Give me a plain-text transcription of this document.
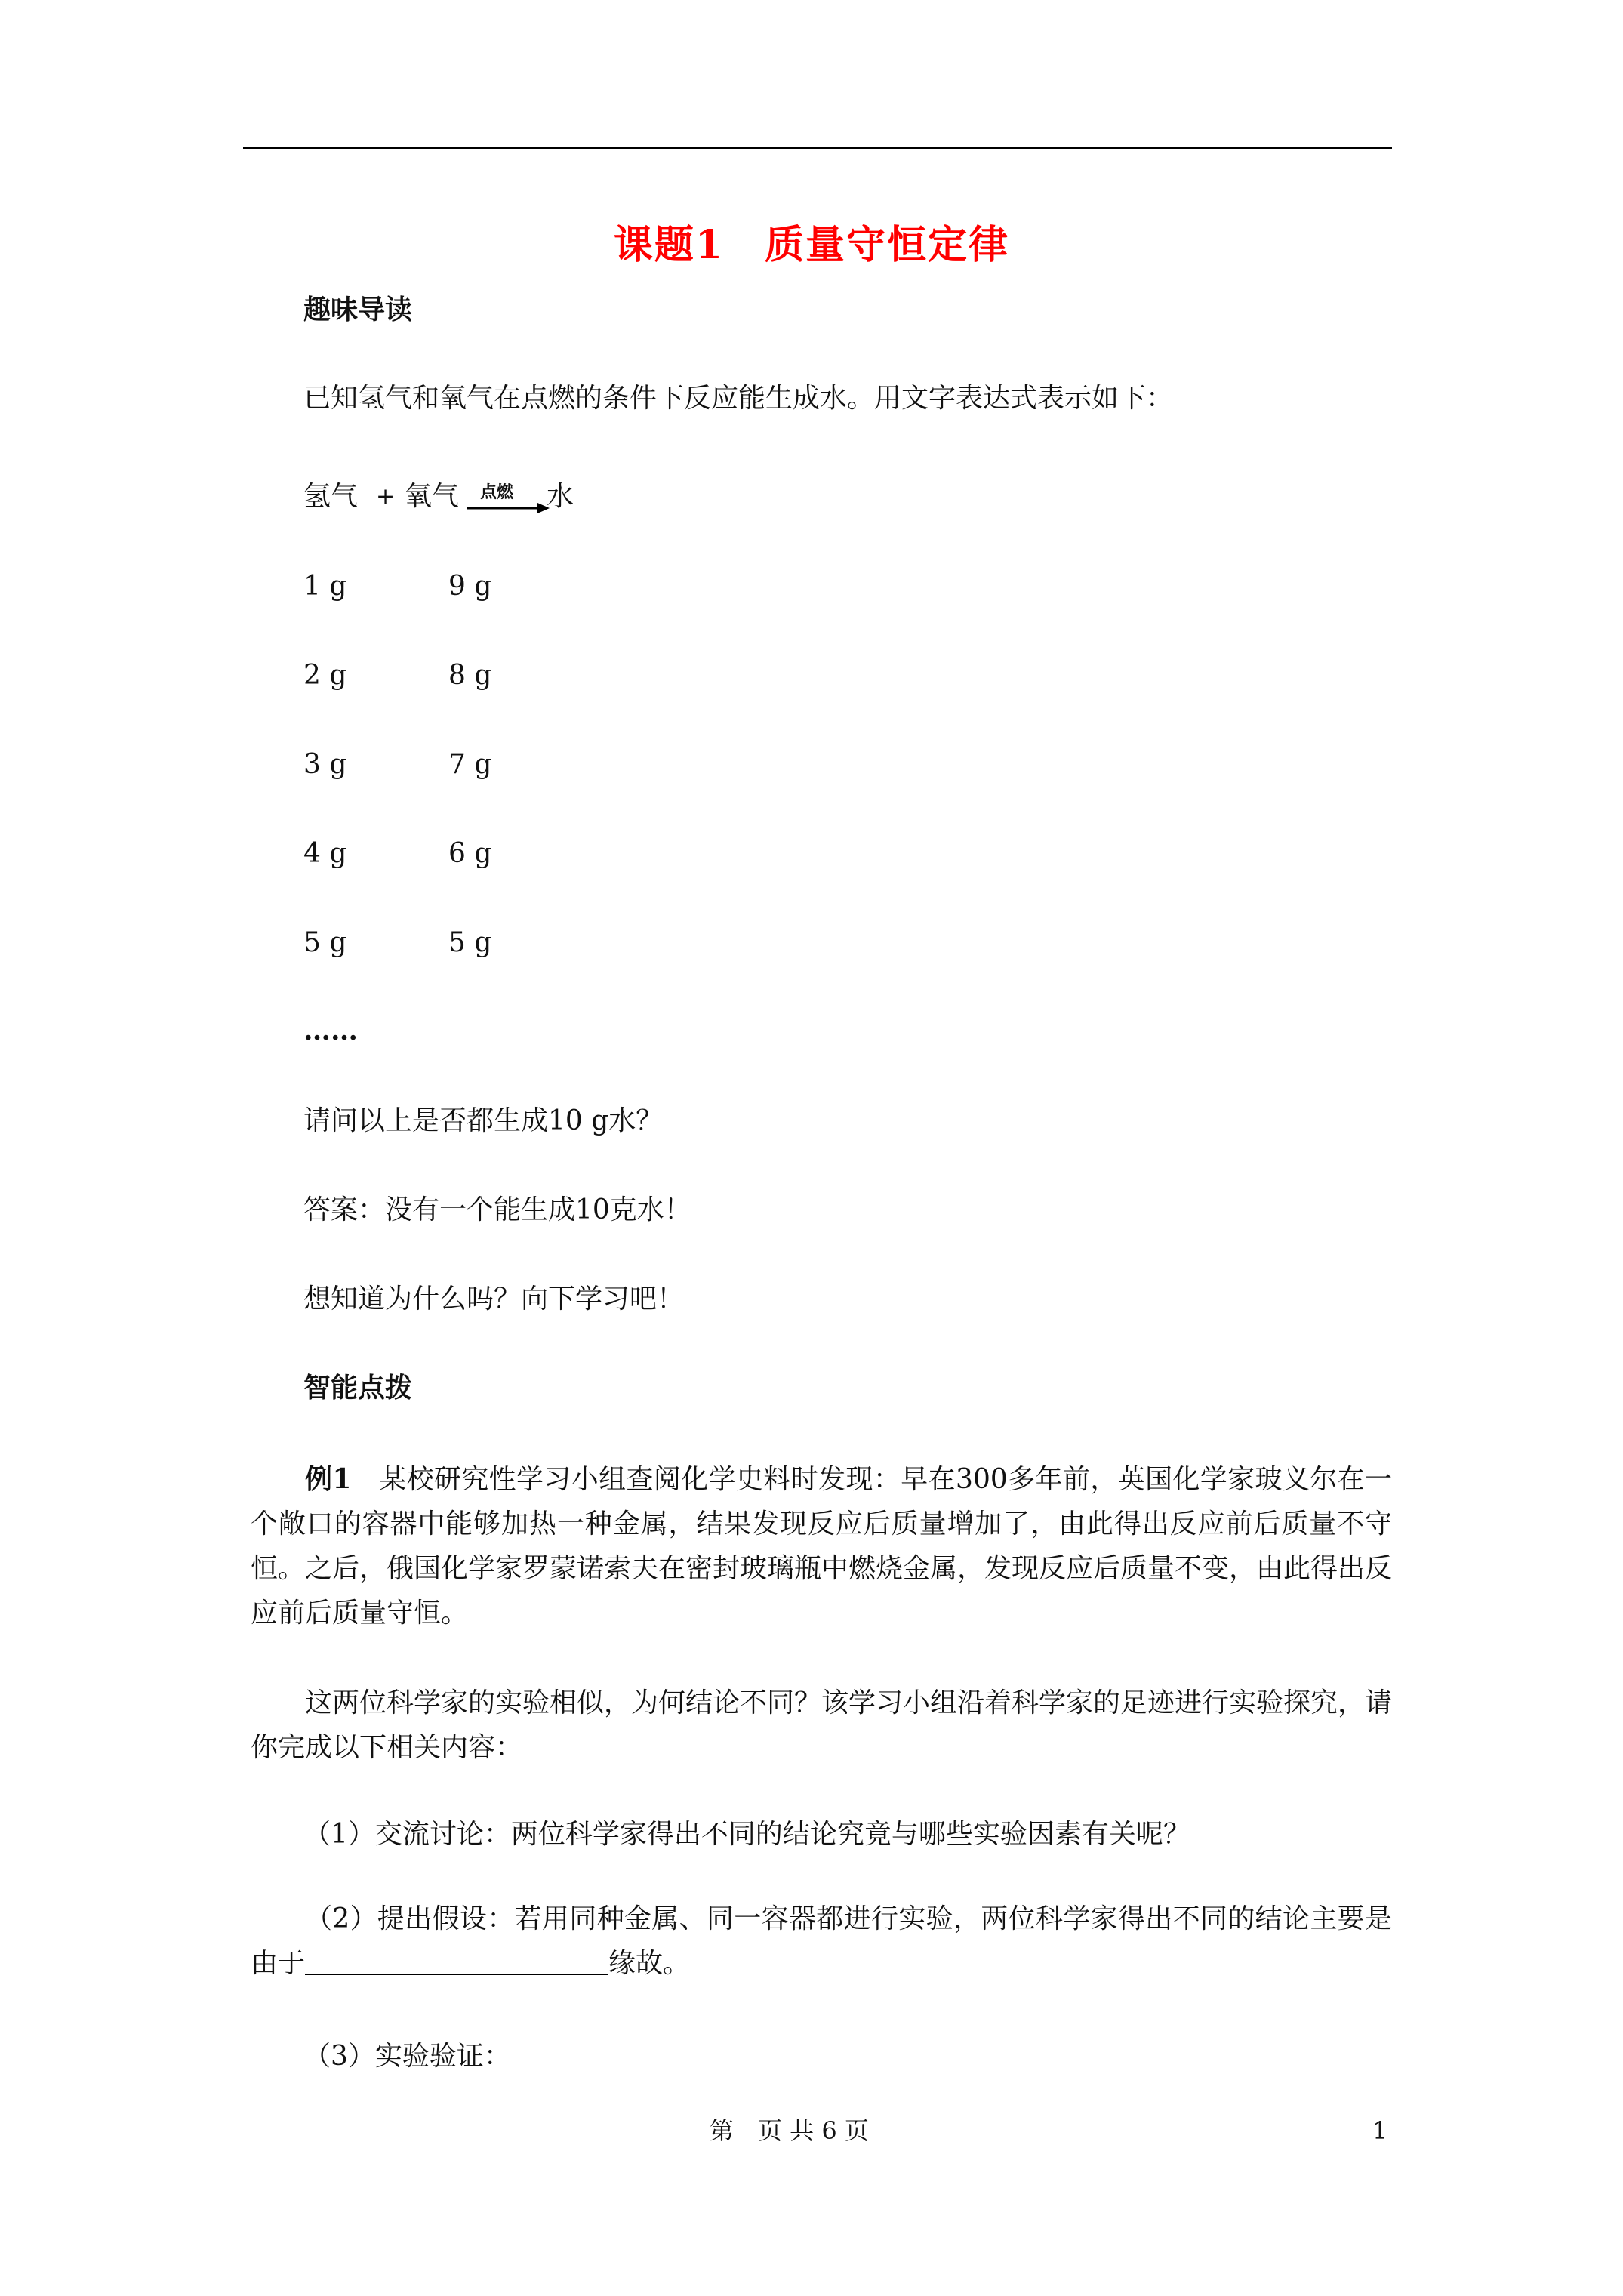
课题1　质量守恒定律
趣味导读
已知氢气和氧气在点燃的条件下反应能生成水。用文字表达式表示如下：
氢气 + 氧气 点燃 水
1 g	9 g
2 g	8 g
3 g	7 g
4 g	6 g
5 g	5 g
……
请问以上是否都生成10 g水？
答案：没有一个能生成10克水！
想知道为什么吗？向下学习吧！
智能点拨
例1　某校研究性学习小组查阅化学史料时发现：早在300多年前，英国化学家玻义尔在一个敞口的容器中能够加热一种金属，结果发现反应后质量增加了，由此得出反应前后质量不守恒。之后，俄国化学家罗蒙诺索夫在密封玻璃瓶中燃烧金属，发现反应后质量不变，由此得出反应前后质量守恒。
这两位科学家的实验相似，为何结论不同？该学习小组沿着科学家的足迹进行实验探究，请你完成以下相关内容：
（1）交流讨论：两位科学家得出不同的结论究竟与哪些实验因素有关呢？
（2）提出假设：若用同种金属、同一容器都进行实验，两位科学家得出不同的结论主要是由于	缘故。
（3）实验验证：
第　页 共 6 页	1
